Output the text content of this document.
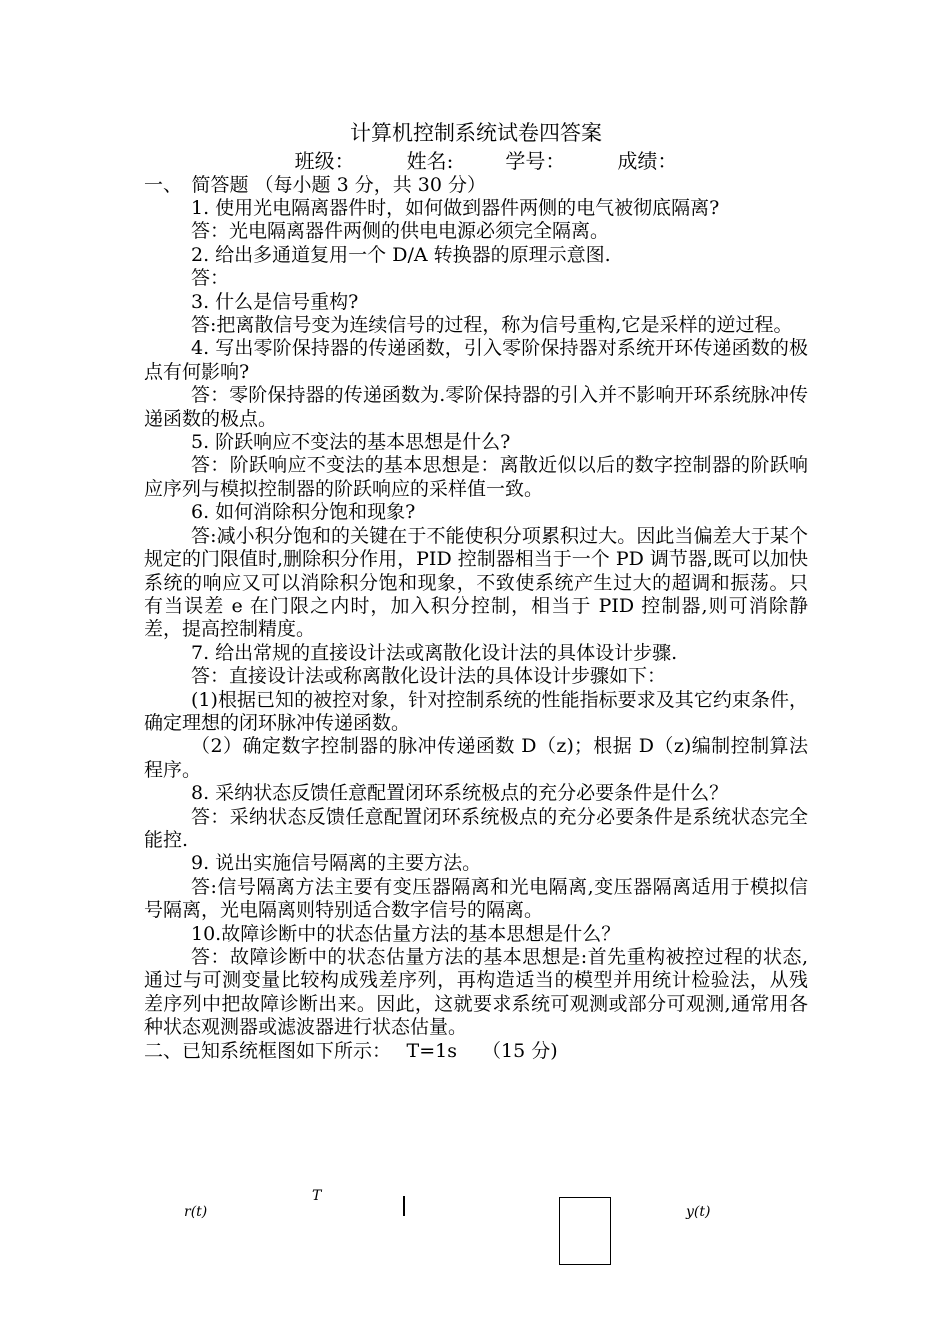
计算机控制系统试卷四答案
班级：	姓名:	学号：	成绩：

一、　简答题 （每小题 3 分，共 30 分）

1. 使用光电隔离器件时，如何做到器件两侧的电气被彻底隔离?

答：光电隔离器件两侧的供电电源必须完全隔离。

2. 给出多通道复用一个 D/A 转换器的原理示意图.

答：

3. 什么是信号重构?

答:把离散信号变为连续信号的过程，称为信号重构,它是采样的逆过程。

4. 写出零阶保持器的传递函数，引入零阶保持器对系统开环传递函数的极点有何影响?

答：零阶保持器的传递函数为.零阶保持器的引入并不影响开环系统脉冲传递函数的极点。

5. 阶跃响应不变法的基本思想是什么?

答：阶跃响应不变法的基本思想是：离散近似以后的数字控制器的阶跃响应序列与模拟控制器的阶跃响应的采样值一致。

6. 如何消除积分饱和现象?

答:减小积分饱和的关键在于不能使积分项累积过大。因此当偏差大于某个规定的门限值时,删除积分作用，PID 控制器相当于一个 PD 调节器,既可以加快系统的响应又可以消除积分饱和现象，不致使系统产生过大的超调和振荡。只有当误差 e 在门限之内时，加入积分控制，相当于 PID 控制器,则可消除静差，提高控制精度。

7. 给出常规的直接设计法或离散化设计法的具体设计步骤.

答：直接设计法或称离散化设计法的具体设计步骤如下：

(1)根据已知的被控对象，针对控制系统的性能指标要求及其它约束条件，确定理想的闭环脉冲传递函数。

（2）确定数字控制器的脉冲传递函数 D（z)；根据 D（z)编制控制算法程序。

8. 采纳状态反馈任意配置闭环系统极点的充分必要条件是什么？

答：采纳状态反馈任意配置闭环系统极点的充分必要条件是系统状态完全能控.

9. 说出实施信号隔离的主要方法。

答:信号隔离方法主要有变压器隔离和光电隔离,变压器隔离适用于模拟信号隔离，光电隔离则特别适合数字信号的隔离。

10.故障诊断中的状态估量方法的基本思想是什么？

答：故障诊断中的状态估量方法的基本思想是:首先重构被控过程的状态,通过与可测变量比较构成残差序列，再构造适当的模型并用统计检验法，从残差序列中把故障诊断出来。因此，这就要求系统可观测或部分可观测,通常用各种状态观测器或滤波器进行状态估量。

二、已知系统框图如下所示：　 T=1s　 （15 分)

r(t)
T
y(t)
